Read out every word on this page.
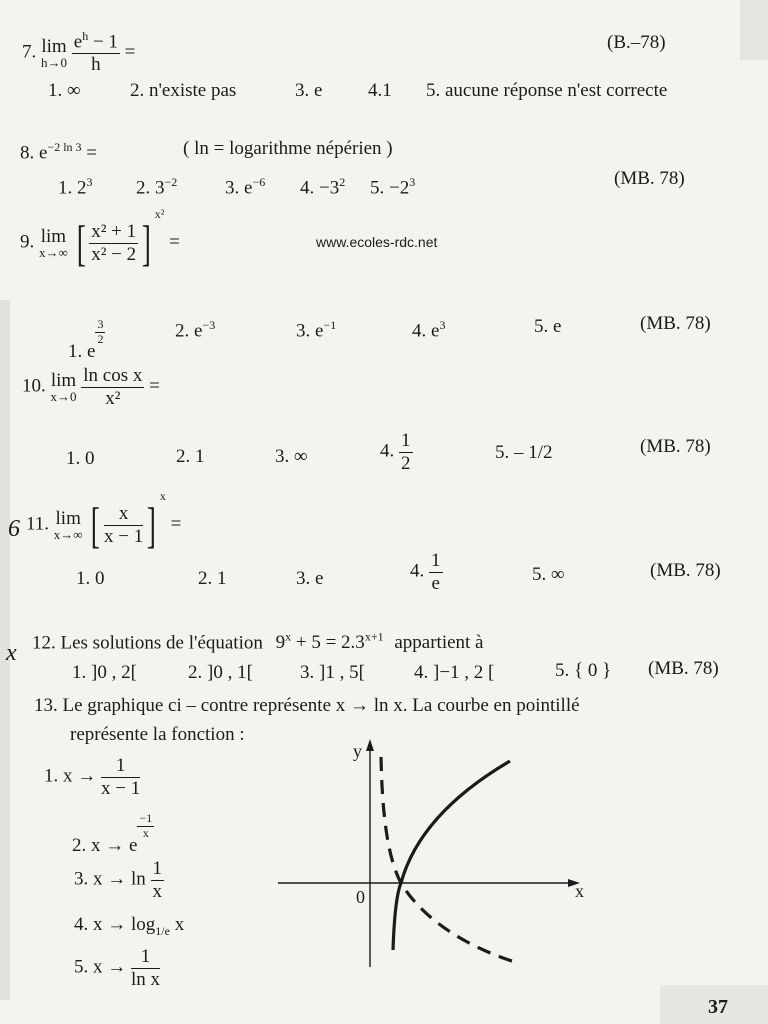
7. lim
h→0
$\frac{e^h - 1}{h}$ =	(B.–78)
1. ∞	2. n'existe pas	3. e 4.1 5. aucune réponse n'est correcte
8. $e^{-2 ln 3}$ =	( ln = logarithme népérien )
1. $2^3$ 2. $3^{-2}$	3. $e^{-6}$ 4. $-3^2$ 5. $-2^3$	(MB. 78)
www.ecoles-rdc.net
9. lim
x→∞ [ $\frac{\text{x² + 1}}{\text{x² − 2}} ]^{x^2}$ =
1. e
$\frac{3}{2}$	2. $e^{-3}$	3. $e^{-1}$	4. $e^3$	5. e	(MB. 78)
10. lim
x→0
$\frac{\text{ln cos x}}{\text{x²}}$ =
1. 0	2. 1	3. ∞	4. $\frac{1}{2}$	5. – 1/2	(MB. 78)
6 11. lim
x→∞ [ $\frac{x}{x - 1} ]^x$ =
1. 0	2. 1	3. e	4. $\frac{1}{e}$	5. ∞	(MB. 78)
x 12. Les solutions de l'équation $9^x + 5 = 2.3^{x+1}$ appartient à
1. ]0 , 2[	2. ]0 , 1[ 3. ]1 , 5[	4. ]−1 , 2 [	5. { 0 } (MB. 78)
13. Le graphique ci – contre représente x → ln x. La courbe en pointillé
représente la fonction :
1. $x \to \frac{1}{x - 1}$
2. x → e
$\frac{-1}{x}$
3. $x \to \ln \frac{1}{x}$
4. $x \to \log_{1/e} x$
5. $x \to \frac{1}{\text{ln x}}$
y
x
0
37
